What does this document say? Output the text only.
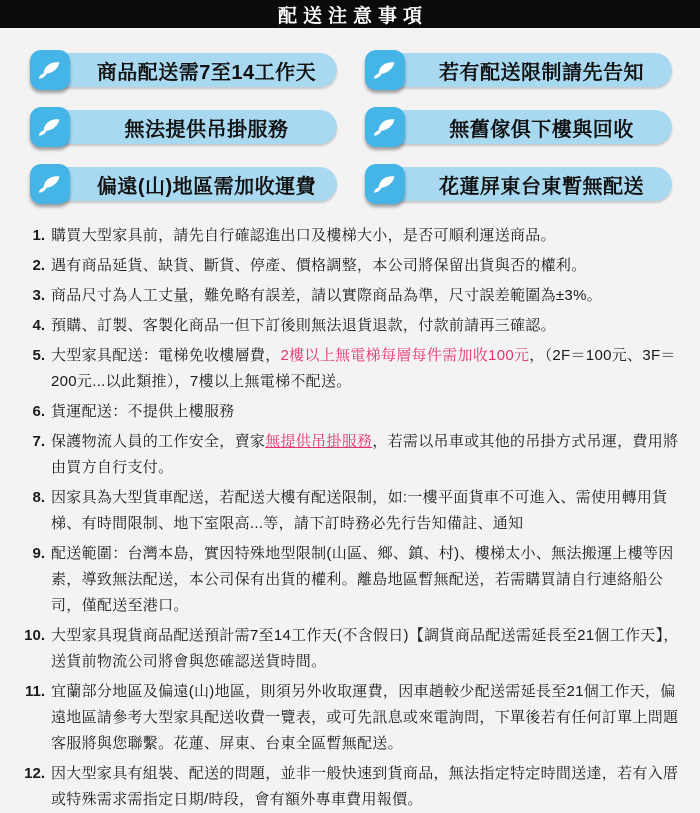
配送注意事項
商品配送需7至14工作天	若有配送限制請先告知
無法提供吊掛服務	無舊傢俱下樓與回收
偏遠(山)地區需加收運費	花蓮屏東台東暫無配送
1. 購買大型家具前，請先自行確認進出口及樓梯大小，是否可順利運送商品。

2. 遇有商品延貨、缺貨、斷貨、停產、價格調整，本公司將保留出貨與否的權利。

3. 商品尺寸為人工丈量，難免略有誤差，請以實際商品為準，尺寸誤差範圍為±3%。

4. 預購、訂製、客製化商品一但下訂後則無法退貨退款，付款前請再三確認。

5. 大型家具配送：電梯免收樓層費，2樓以上無電梯每層每件需加收100元，（2F＝100元、3F＝200元...以此類推），7樓以上無電梯不配送。

6. 貨運配送：不提供上樓服務

7. 保護物流人員的工作安全，賣家無提供吊掛服務，若需以吊車或其他的吊掛方式吊運，費用將由買方自行支付。

8. 因家具為大型貨車配送，若配送大樓有配送限制，如:一樓平面貨車不可進入、需使用轉用貨梯、有時間限制、地下室限高...等，請下訂時務必先行告知備註、通知

9. 配送範圍：台灣本島，實因特殊地型限制(山區、鄉、鎮、村)、樓梯太小、無法搬運上樓等因素，導致無法配送，本公司保有出貨的權利。離島地區暫無配送，若需購買請自行連絡船公司，僅配送至港口。

10. 大型家具現貨商品配送預計需7至14工作天(不含假日)【調貨商品配送需延長至21個工作天】，送貨前物流公司將會與您確認送貨時間。

11. 宜蘭部分地區及偏遠(山)地區，則須另外收取運費，因車趟較少配送需延長至21個工作天，偏遠地區請參考大型家具配送收費一覽表，或可先訊息或來電詢問，下單後若有任何訂單上問題客服將與您聯繫。花蓮、屏東、台東全區暫無配送。

12. 因大型家具有組裝、配送的問題，並非一般快速到貨商品，無法指定特定時間送達，若有入厝或特殊需求需指定日期/時段，會有額外專車費用報價。
